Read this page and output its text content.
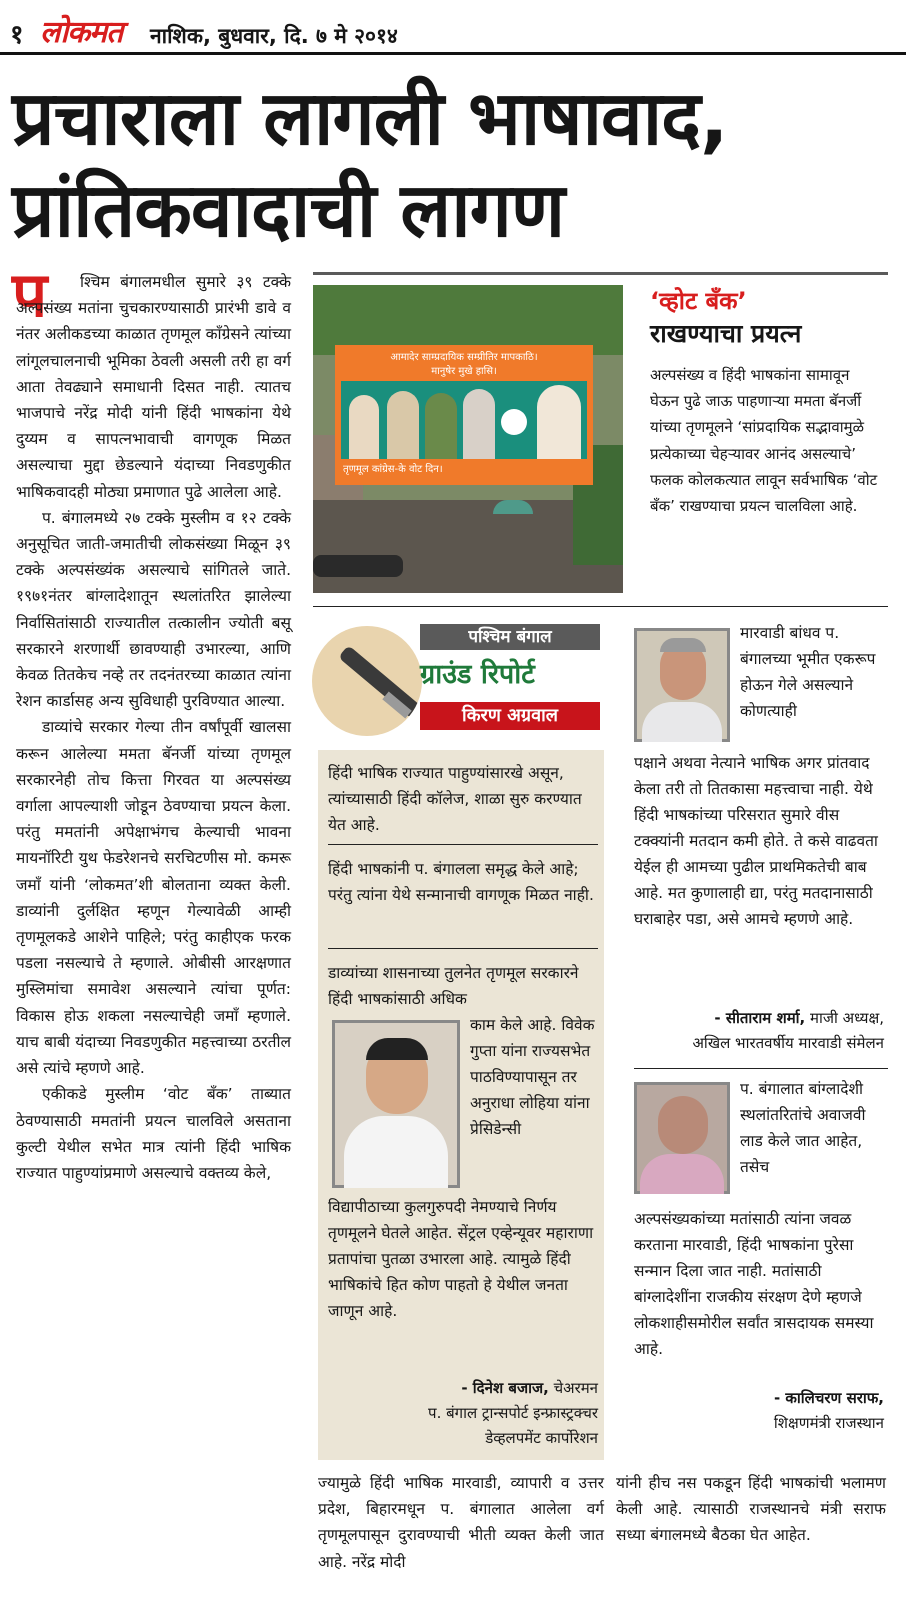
१ लोकमत नाशिक, बुधवार, दि. ७ मे २०१४
प्रचाराला लागली भाषावाद,
प्रांतिकवादाची लागण
प	श्चिम बंगालमधील सुमारे ३९ टक्के अल्पसंख्य मतांना चुचकारण्यासाठी प्रारंभी डावे व नंतर अलीकडच्या काळात तृणमूल काँग्रेसने त्यांच्या लांगूलचालनाची भूमिका ठेवली असली तरी हा वर्ग आता तेवढ्याने समाधानी दिसत नाही. त्यातच भाजपाचे नरेंद्र मोदी यांनी हिंदी भाषकांना येथे दुय्यम व सापत्नभावाची वागणूक मिळत असल्याचा मुद्दा छेडल्याने यंदाच्या निवडणुकीत भाषिकवादही मोठ्या प्रमाणात पुढे आलेला आहे.

प. बंगालमध्ये २७ टक्के मुस्लीम व १२ टक्के अनुसूचित जाती-जमातीची लोकसंख्या मिळून ३९ टक्के अल्पसंख्यंक असल्याचे सांगितले जाते. १९७१नंतर बांग्लादेशातून स्थलांतरित झालेल्या निर्वासितांसाठी राज्यातील तत्कालीन ज्योती बसू सरकारने शरणार्थी छावण्याही उभारल्या, आणि केवळ तितकेच नव्हे तर तदनंतरच्या काळात त्यांना रेशन कार्डासह अन्य सुविधाही पुरविण्यात आल्या.

डाव्यांचे सरकार गेल्या तीन वर्षांपूर्वी खालसा करून आलेल्या ममता बॅनर्जी यांच्या तृणमूल सरकारनेही तोच कित्ता गिरवत या अल्पसंख्य वर्गाला आपल्याशी जोडून ठेवण्याचा प्रयत्न केला. परंतु ममतांनी अपेक्षाभंगच केल्याची भावना मायनॉरिटी युथ फेडरेशनचे सरचिटणीस मो. कमरू जमाँ यांनी ‘लोकमत’शी बोलताना व्यक्त केली. डाव्यांनी दुर्लक्षित म्हणून गेल्यावेळी आम्ही तृणमूलकडे आशेने पाहिले; परंतु काहीएक फरक पडला नसल्याचे ते म्हणाले. ओबीसी आरक्षणात मुस्लिमांचा समावेश असल्याने त्यांचा पूर्णत: विकास होऊ शकला नसल्याचेही जमाँ म्हणाले. याच बाबी यंदाच्या निवडणुकीत महत्त्वाच्या ठरतील असे त्यांचे म्हणणे आहे.

एकीकडे मुस्लीम ‘वोट बँक’ ताब्यात ठेवण्यासाठी ममतांनी प्रयत्न चालविले असताना कुल्टी येथील सभेत मात्र त्यांनी हिंदी भाषिक राज्यात पाहुण्यांप्रमाणे असल्याचे वक्तव्य केले,

आमादेर साम्प्रदायिक सम्प्रीतिर मापकाठि।
मानुषेर मुखे हासि।
तृणमूल कांग्रेस-के वोट दिन।
‘व्होट बँक’
राखण्याचा प्रयत्न
अल्पसंख्य व हिंदी भाषकांना सामावून घेऊन पुढे जाऊ पाहणाऱ्या ममता बॅनर्जी यांच्या तृणमूलने ‘सांप्रदायिक सद्भावामुळे प्रत्येकाच्या चेहऱ्यावर आनंद असल्याचे’ फलक कोलकत्यात लावून सर्वभाषिक ‘वोट बँक’ राखण्याचा प्रयत्न चालविला आहे.
पश्चिम बंगाल
ग्राउंड रिपोर्ट
किरण अग्रवाल
हिंदी भाषिक राज्यात पाहुण्यांसारखे असून, त्यांच्यासाठी हिंदी कॉलेज, शाळा सुरु करण्यात येत आहे.
हिंदी भाषकांनी प. बंगालला समृद्ध केले आहे; परंतु त्यांना येथे सन्मानाची वागणूक मिळत नाही.
डाव्यांच्या शासनाच्या तुलनेत तृणमूल सरकारने हिंदी भाषकांसाठी अधिक
काम केले आहे. विवेक गुप्ता यांना राज्यसभेत पाठविण्यापासून तर अनुराधा लोहिया यांना प्रेसिडेन्सी
विद्यापीठाच्या कुलगुरुपदी नेमण्याचे निर्णय तृणमूलने घेतले आहेत. सेंट्रल एव्हेन्यूवर महाराणा प्रतापांचा पुतळा उभारला आहे. त्यामुळे हिंदी भाषिकांचे हित कोण पाहतो हे येथील जनता जाणून आहे.
- दिनेश बजाज, चेअरमन
प. बंगाल ट्रान्सपोर्ट इन्फ्रास्ट्रक्चर
डेव्हलपमेंट कार्पोरेशन
मारवाडी बांधव प. बंगालच्या भूमीत एकरूप होऊन गेले असल्याने कोणत्याही
पक्षाने अथवा नेत्याने भाषिक अगर प्रांतवाद केला तरी तो तितकासा महत्त्वाचा नाही. येथे हिंदी भाषकांच्या परिसरात सुमारे वीस टक्क्यांनी मतदान कमी होते. ते कसे वाढवता येईल ही आमच्या पुढील प्राथमिकतेची बाब आहे. मत कुणालाही द्या, परंतु मतदानासाठी घराबाहेर पडा, असे आमचे म्हणणे आहे.
- सीताराम शर्मा, माजी अध्यक्ष,
अखिल भारतवर्षीय मारवाडी संमेलन
प. बंगालात बांग्लादेशी स्थलांतरितांचे अवाजवी लाड केले जात आहेत, तसेच
अल्पसंख्यकांच्या मतांसाठी त्यांना जवळ करताना मारवाडी, हिंदी भाषकांना पुरेसा सन्मान दिला जात नाही. मतांसाठी बांग्लादेशींना राजकीय संरक्षण देणे म्हणजे लोकशाहीसमोरील सर्वांत त्रासदायक समस्या आहे.
- कालिचरण सराफ,
शिक्षणमंत्री राजस्थान
ज्यामुळे हिंदी भाषिक मारवाडी, व्यापारी व उत्तर प्रदेश, बिहारमधून प. बंगालात आलेला वर्ग तृणमूलपासून दुरावण्याची भीती व्यक्त केली जात आहे. नरेंद्र मोदी
यांनी हीच नस पकडून हिंदी भाषकांची भलामण केली आहे. त्यासाठी राजस्थानचे मंत्री सराफ सध्या बंगालमध्ये बैठका घेत आहेत.
